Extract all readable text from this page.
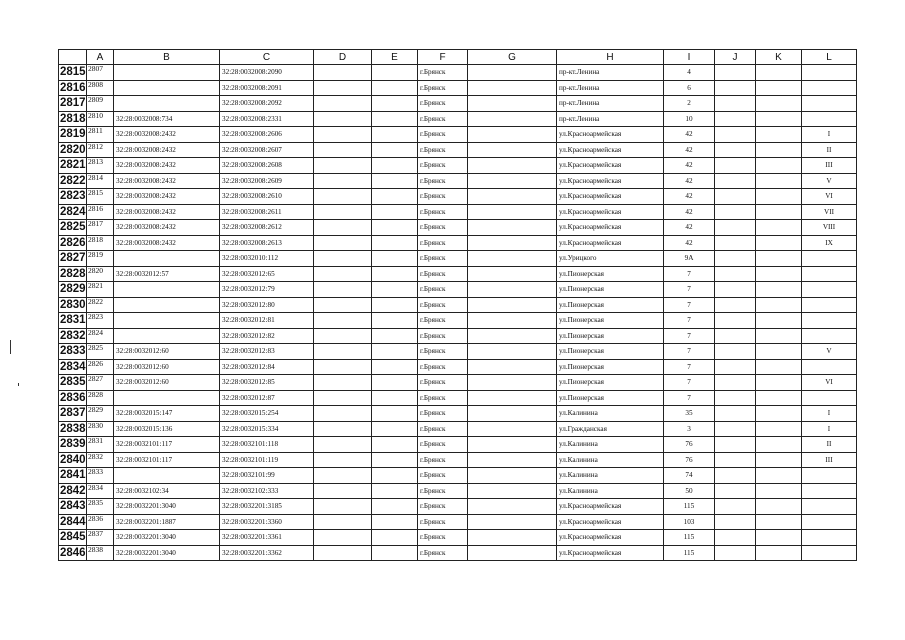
	A	B	C	D	E	F	G	H	I	J	K	L
2815	2807		32:28:0032008:2090			г.Брянск		пр-кт.Ленина	4			
2816	2808		32:28:0032008:2091			г.Брянск		пр-кт.Ленина	6			
2817	2809		32:28:0032008:2092			г.Брянск		пр-кт.Ленина	2			
2818	2810	32:28:0032008:734	32:28:0032008:2331			г.Брянск		пр-кт.Ленина	10			
2819	2811	32:28:0032008:2432	32:28:0032008:2606			г.Брянск		ул.Красноармейская	42			I
2820	2812	32:28:0032008:2432	32:28:0032008:2607			г.Брянск		ул.Красноармейская	42			II
2821	2813	32:28:0032008:2432	32:28:0032008:2608			г.Брянск		ул.Красноармейская	42			III
2822	2814	32:28:0032008:2432	32:28:0032008:2609			г.Брянск		ул.Красноармейская	42			V
2823	2815	32:28:0032008:2432	32:28:0032008:2610			г.Брянск		ул.Красноармейская	42			VI
2824	2816	32:28:0032008:2432	32:28:0032008:2611			г.Брянск		ул.Красноармейская	42			VII
2825	2817	32:28:0032008:2432	32:28:0032008:2612			г.Брянск		ул.Красноармейская	42			VIII
2826	2818	32:28:0032008:2432	32:28:0032008:2613			г.Брянск		ул.Красноармейская	42			IX
2827	2819		32:28:0032010:112			г.Брянск		ул.Урицкого	9А			
2828	2820	32:28:0032012:57	32:28:0032012:65			г.Брянск		ул.Пионерская	7			
2829	2821		32:28:0032012:79			г.Брянск		ул.Пионерская	7			
2830	2822		32:28:0032012:80			г.Брянск		ул.Пионерская	7			
2831	2823		32:28:0032012:81			г.Брянск		ул.Пионерская	7			
2832	2824		32:28:0032012:82			г.Брянск		ул.Пионерская	7			
2833	2825	32:28:0032012:60	32:28:0032012:83			г.Брянск		ул.Пионерская	7			V
2834	2826	32:28:0032012:60	32:28:0032012:84			г.Брянск		ул.Пионерская	7			
2835	2827	32:28:0032012:60	32:28:0032012:85			г.Брянск		ул.Пионерская	7			VI
2836	2828		32:28:0032012:87			г.Брянск		ул.Пионерская	7			
2837	2829	32:28:0032015:147	32:28:0032015:254			г.Брянск		ул.Калинина	35			I
2838	2830	32:28:0032015:136	32:28:0032015:334			г.Брянск		ул.Гражданская	3			I
2839	2831	32:28:0032101:117	32:28:0032101:118			г.Брянск		ул.Калинина	76			II
2840	2832	32:28:0032101:117	32:28:0032101:119			г.Брянск		ул.Калинина	76			III
2841	2833		32:28:0032101:99			г.Брянск		ул.Калинина	74			
2842	2834	32:28:0032102:34	32:28:0032102:333			г.Брянск		ул.Калинина	50			
2843	2835	32:28:0032201:3040	32:28:0032201:3185			г.Брянск		ул.Красноармейская	115			
2844	2836	32:28:0032201:1887	32:28:0032201:3360			г.Брянск		ул.Красноармейская	103			
2845	2837	32:28:0032201:3040	32:28:0032201:3361			г.Брянск		ул.Красноармейская	115			
2846	2838	32:28:0032201:3040	32:28:0032201:3362			г.Брянск		ул.Красноармейская	115			
